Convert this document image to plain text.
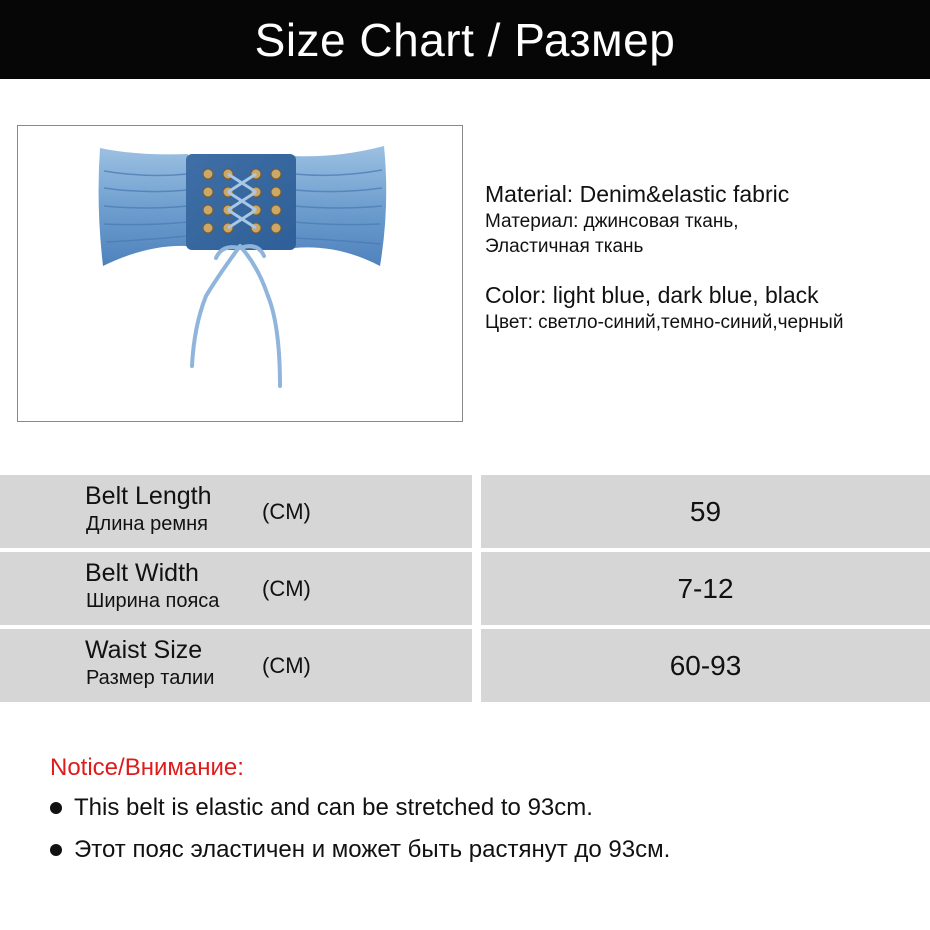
Size Chart / Размер
Material: Denim&elastic fabric
Материал: джинсовая ткань,
Эластичная ткань
Color: light blue, dark blue, black
Цвет: светло-синий,темно-синий,черный
Belt Length
Длина ремня (CM)	59
Belt Width
Ширина пояса (CM)	7-12
Waist Size
Размер талии (CM)	60-93
Notice/Внимание:
This belt is elastic and can be stretched to 93cm.
Этот пояс эластичен и может быть растянут до 93см.
